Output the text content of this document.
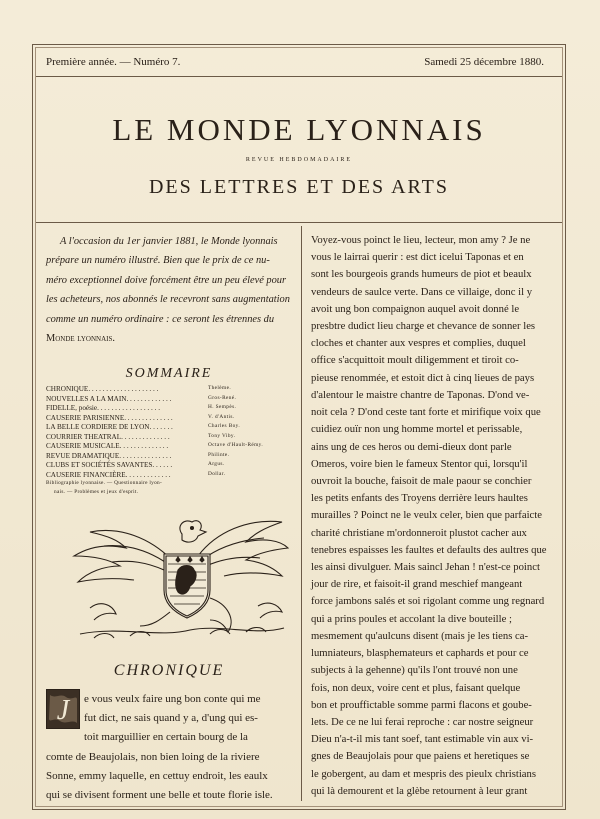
Première année. — Numéro 7.	Samedi 25 décembre 1880.
LE MONDE LYONNAIS
REVUE HEBDOMADAIRE
DES LETTRES ET DES ARTS
A l'occasion du 1er janvier 1881, le Monde lyonnais
préparе un numéro illustré. Bien que le prix de ce nu-
méro exceptionnel doive forcément être un peu élevé pour
les acheteurs, nos abonnés le recevront sans augmentation
comme un numéro ordinaire : ce seront les étrennes du
Monde lyonnais.
SOMMAIRE
CHRONIQUE. . . . . . . . . . . . . . . . . . . .	Thelème.
NOUVELLES A LA MAIN. . . . . . . . . . . . .	Gros-René.
FIDELLE, poésie. . . . . . . . . . . . . . . . . .	H. Sempès.
CAUSERIE PARISIENNE. . . . . . . . . . . . . .	V. d'Antis.
LA BELLE CORDIERE DE LYON. . . . . . .	Charles Boy.
COURRIER THEATRAL. . . . . . . . . . . . . .	Tony Viby.
CAUSERIE MUSICALE. . . . . . . . . . . . . .	Octave d'Hault-Rémy.
REVUE DRAMATIQUE. . . . . . . . . . . . . . .	Philinte.
CLUBS ET SOCIÉTÉS SAVANTES. . . . . .	Argus.
CAUSERIE FINANCIÈRE. . . . . . . . . . . . .	Dollar.
Bibliographie lyonnaise. — Questionnaire lyon-
nais. — Problèmes et jeux d'esprit.
CHRONIQUE
J e vous veulx faire ung bon conte qui me
fut dict, ne sais quand y a, d'ung qui es-
toit marguillier en certain bourg de la
comte de Beaujolais, non bien loing de la riviere
Sonne, emmy laquelle, en cettuy endroit, les eaulx
qui se divisent forment une belle et toute florie isle.
Voyez-vous poinct le lieu, lecteur, mon amy ? Je ne
vous le lairrai querir : est dict icelui Taponas et en
sont les bourgeois grands humeurs de piot et beaulx
vendeurs de saulce verte. Dans ce villaige, donc il y
avoit ung bon compaignon auquel avoit donné le
presbtre dudict lieu charge et chevance de sonner les
cloches et chanter aux vespres et complies, duquel
office s'acquittoit moult diligemment et tiroit co-
pieuse renommée, et estoit dict à cinq lieues de pays
d'alentour le maistre chantre de Taponas. D'ond ve-
noit cela ? D'ond ceste tant forte et mirifique voix que
cuidiez ouïr non ung homme mortel et perissable,
ains ung de ces heros ou demi-dieux dont parle
Omeros, voire bien le fameux Stentor qui, lorsqu'il
ouvroit la bouche, faisoit de male paour se conchier
les petits enfants des Troyens derrière leurs haultes
murailles ? Poinct ne le veulx celer, bien que parfaicte
charité christiane m'ordonneroit plustot cacher aux
tenebres espaisses les faultes et defaults des aultres que
les ainsi divulguer. Mais saincl Jehan ! n'est-ce poinct
jour de rire, et faisoit-il grand meschief mangeant
force jambons salés et soi rigolant comme ung regnard
qui a prins poules et accolant la dive bouteille ;
mesmement qu'aulcuns disent (mais je les tiens ca-
lumniateurs, blasphemateurs et caphards et pour ce
subjects à la gehenne) qu'ils l'ont trouvé non une
fois, non deux, voire cent et plus, faisant quelque
bon et prouffictable somme parmi flacons et goube-
lets. De ce ne lui ferai reproche : car nostre seigneur
Dieu n'a-t-il mis tant soef, tant estimable vin aux vi-
gnes de Beaujolais pour que paiens et heretiques se
le gobergent, au dam et mespris des pieulx christians
qui là demourent et la glèbe retournent à leur grant
